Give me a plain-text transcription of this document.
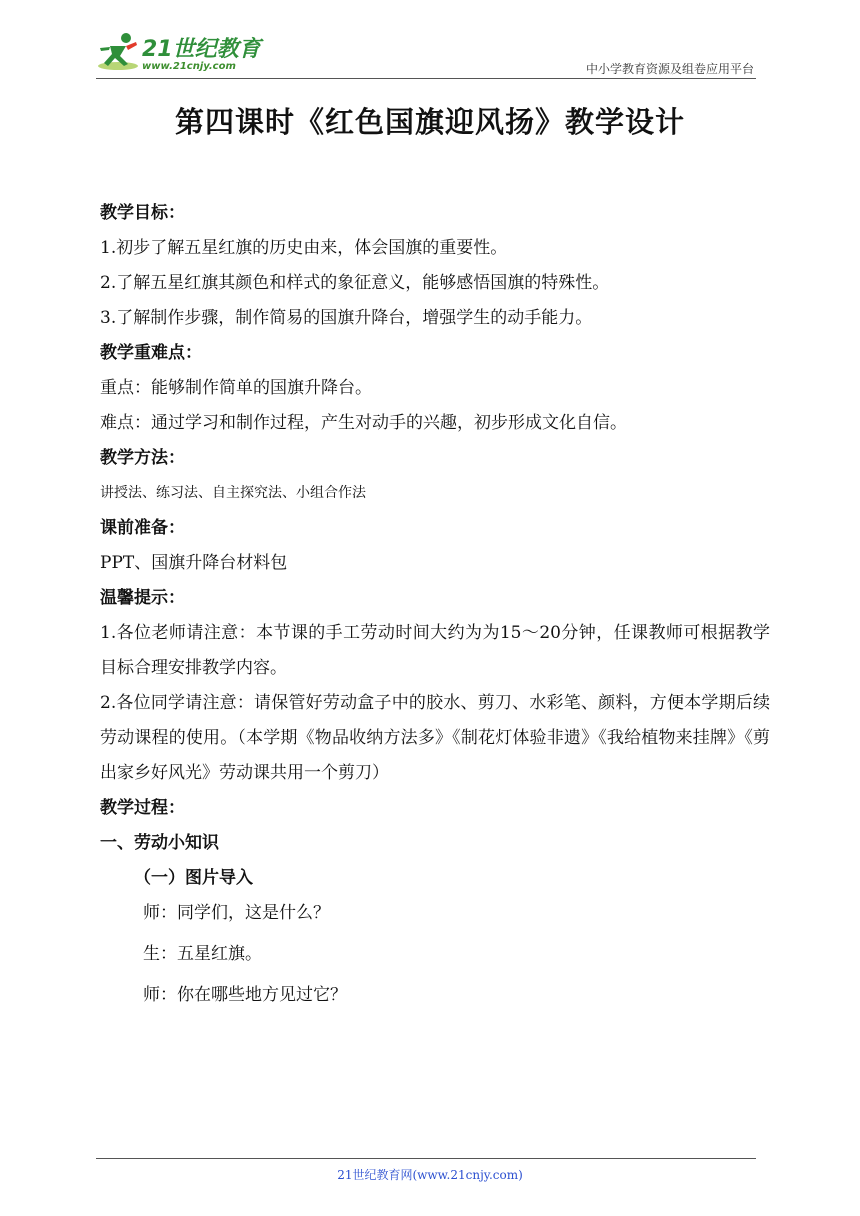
21世纪教育
www.21cnjy.com	中小学教育资源及组卷应用平台
第四课时《红色国旗迎风扬》教学设计
教学目标：
1.初步了解五星红旗的历史由来，体会国旗的重要性。
2.了解五星红旗其颜色和样式的象征意义，能够感悟国旗的特殊性。
3.了解制作步骤，制作简易的国旗升降台，增强学生的动手能力。
教学重难点：
重点：能够制作简单的国旗升降台。
难点：通过学习和制作过程，产生对动手的兴趣，初步形成文化自信。
教学方法：
讲授法、练习法、自主探究法、小组合作法
课前准备：
PPT、国旗升降台材料包
温馨提示：
1.各位老师请注意：本节课的手工劳动时间大约为为15～20分钟，任课教师可根据教学目标合理安排教学内容。
2.各位同学请注意：请保管好劳动盒子中的胶水、剪刀、水彩笔、颜料，方便本学期后续劳动课程的使用。（本学期《物品收纳方法多》《制花灯体验非遗》《我给植物来挂牌》《剪出家乡好风光》劳动课共用一个剪刀）
教学过程：
一、劳动小知识
（一）图片导入
师：同学们，这是什么？
生：五星红旗。
师：你在哪些地方见过它？
21世纪教育网(www.21cnjy.com)
